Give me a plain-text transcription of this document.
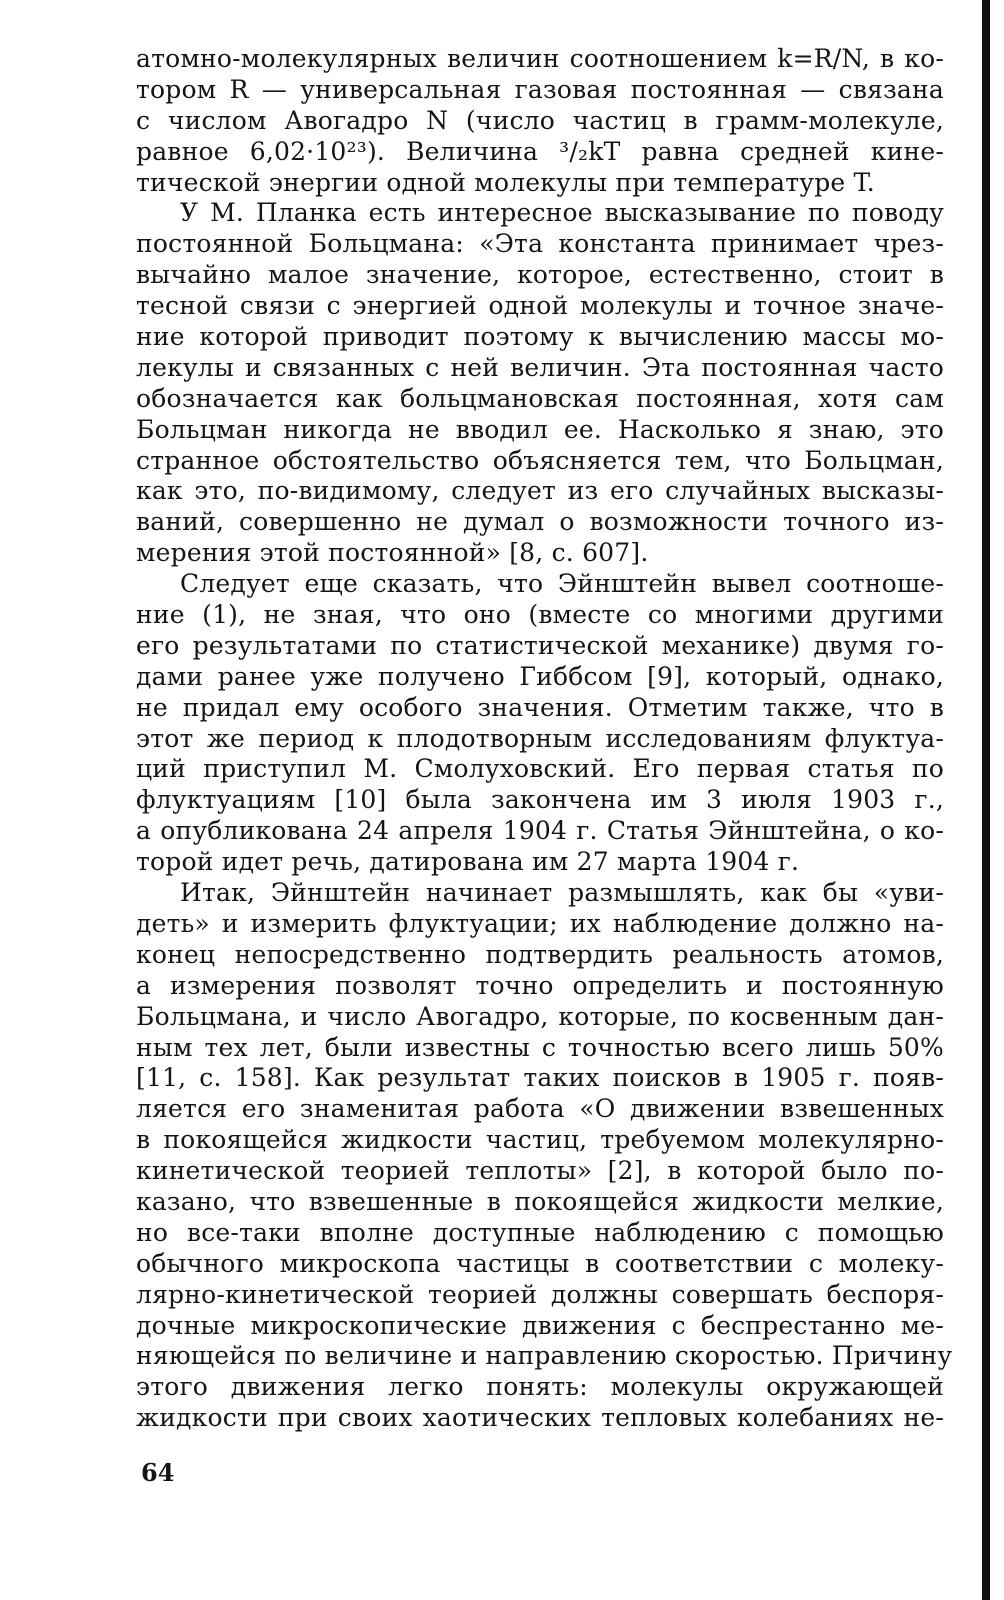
атомно-молекулярных величин соотношением k=R/N, в ко-
тором R — универсальная газовая постоянная — связана
с числом Авогадро N (число частиц в грамм-молекуле,
равное 6,02·10²³). Величина ³/₂kT равна средней кине-
тической энергии одной молекулы при температуре T.
У М. Планка есть интересное высказывание по поводу
постоянной Больцмана: «Эта константа принимает чрез-
вычайно малое значение, которое, естественно, стоит в
тесной связи с энергией одной молекулы и точное значе-
ние которой приводит поэтому к вычислению массы мо-
лекулы и связанных с ней величин. Эта постоянная часто
обозначается как больцмановская постоянная, хотя сам
Больцман никогда не вводил ее. Насколько я знаю, это
странное обстоятельство объясняется тем, что Больцман,
как это, по-видимому, следует из его случайных высказы-
ваний, совершенно не думал о возможности точного из-
мерения этой постоянной» [8, с. 607].
Следует еще сказать, что Эйнштейн вывел соотноше-
ние (1), не зная, что оно (вместе со многими другими
его результатами по статистической механике) двумя го-
дами ранее уже получено Гиббсом [9], который, однако,
не придал ему особого значения. Отметим также, что в
этот же период к плодотворным исследованиям флуктуа-
ций приступил М. Смолуховский. Его первая статья по
флуктуациям [10] была закончена им 3 июля 1903 г.,
а опубликована 24 апреля 1904 г. Статья Эйнштейна, о ко-
торой идет речь, датирована им 27 марта 1904 г.
Итак, Эйнштейн начинает размышлять, как бы «уви-
деть» и измерить флуктуации; их наблюдение должно на-
конец непосредственно подтвердить реальность атомов,
а измерения позволят точно определить и постоянную
Больцмана, и число Авогадро, которые, по косвенным дан-
ным тех лет, были известны с точностью всего лишь 50%
[11, с. 158]. Как результат таких поисков в 1905 г. появ-
ляется его знаменитая работа «О движении взвешенных
в покоящейся жидкости частиц, требуемом молекулярно-
кинетической теорией теплоты» [2], в которой было по-
казано, что взвешенные в покоящейся жидкости мелкие,
но все-таки вполне доступные наблюдению с помощью
обычного микроскопа частицы в соответствии с молеку-
лярно-кинетической теорией должны совершать беспоря-
дочные микроскопические движения с беспрестанно ме-
няющейся по величине и направлению скоростью. Причину
этого движения легко понять: молекулы окружающей
жидкости при своих хаотических тепловых колебаниях не-
64
